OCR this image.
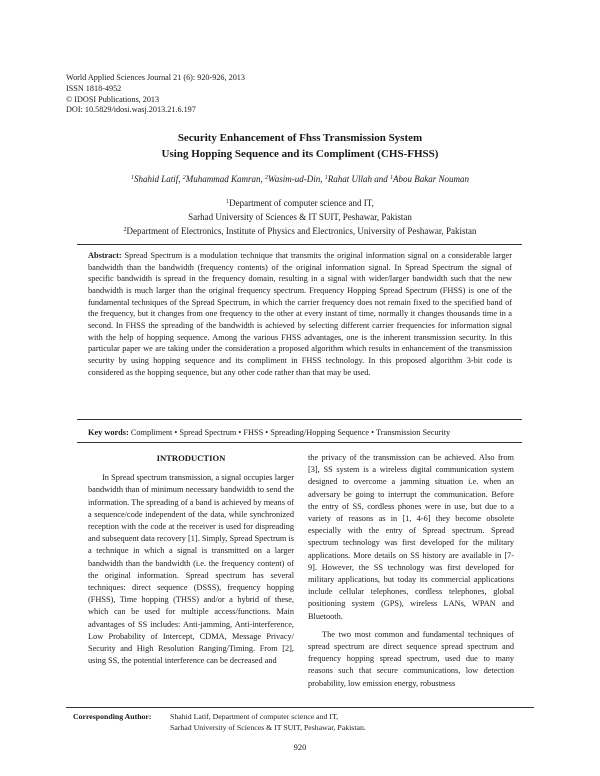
World Applied Sciences Journal 21 (6): 920-926, 2013
ISSN 1818-4952
© IDOSI Publications, 2013
DOI: 10.5829/idosi.wasj.2013.21.6.197
Security Enhancement of Fhss Transmission System
Using Hopping Sequence and its Compliment (CHS-FHSS)
$^1$Shahid Latif, $^2$Muhammad Kamran, $^2$Wasim-ud-Din, $^1$Rahat Ullah and $^1$Abou Bakar Nouman
$^1$Department of computer science and IT,
Sarhad University of Sciences & IT SUIT, Peshawar, Pakistan
$^2$Department of Electronics, Institute of Physics and Electronics, University of Peshawar, Pakistan
Abstract: Spread Spectrum is a modulation technique that transmits the original information signal on a considerable larger bandwidth than the bandwidth (frequency contents) of the original information signal. In Spread Spectrum the signal of specific bandwidth is spread in the frequency domain, resulting in a signal with wider/larger bandwidth such that the new bandwidth is much larger than the original frequency spectrum. Frequency Hopping Spread Spectrum (FHSS) is one of the fundamental techniques of the Spread Spectrum, in which the carrier frequency does not remain fixed to the specified band of the frequency, but it changes from one frequency to the other at every instant of time, normally it changes thousands time in a second. In FHSS the spreading of the bandwidth is achieved by selecting different carrier frequencies for information signal with the help of hopping sequence. Among the various FHSS advantages, one is the inherent transmission security. In this particular paper we are taking under the consideration a proposed algorithm which results in enhancement of the transmission security by using hopping sequence and its compliment in FHSS technology. In this proposed algorithm 3-bit code is considered as the hopping sequence, but any other code rather than that may be used.
Key words: Compliment • Spread Spectrum • FHSS • Spreading/Hopping Sequence • Transmission Security

INTRODUCTION

In Spread spectrum transmission, a signal occupies larger bandwidth than of minimum necessary bandwidth to send the information. The spreading of a band is achieved by means of a sequence/code independent of the data, while synchronized reception with the code at the receiver is used for dispreading and subsequent data recovery [1]. Simply, Spread Spectrum is a technique in which a signal is transmitted on a larger bandwidth than the bandwidth (i.e. the frequency content) of the original information. Spread spectrum has several techniques: direct sequence (DSSS), frequency hopping (FHSS), Time hopping (THSS) and/or a hybrid of these, which can be used for multiple access/functions. Main advantages of SS includes: Anti-jamming, Anti-interference, Low Probability of Intercept, CDMA, Message Privacy/ Security and High Resolution Ranging/Timing. From [2], using SS, the potential interference can be decreased and

the privacy of the transmission can be achieved. Also from [3], SS system is a wireless digital communication system designed to overcome a jamming situation i.e. when an adversary be going to interrupt the communication. Before the entry of SS, cordless phones were in use, but due to a variety of reasons as in [1, 4-6] they become obsolete especially with the entry of Spread spectrum. Spread spectrum technology was first developed for the military applications. More details on SS history are available in [7-9]. However, the SS technology was first developed for military applications, but today its commercial applications include cellular telephones, cordless telephones, global positioning system (GPS), wireless LANs, WPAN and Bluetooth.

The two most common and fundamental techniques of spread spectrum are direct sequence spread spectrum and frequency hopping spread spectrum, used due to many reasons such that secure communications, low detection probability, low emission energy, robustness

Corresponding Author: Shahid Latif, Department of computer science and IT,
Sarhad University of Sciences & IT SUIT, Peshawar, Pakistan.
920
